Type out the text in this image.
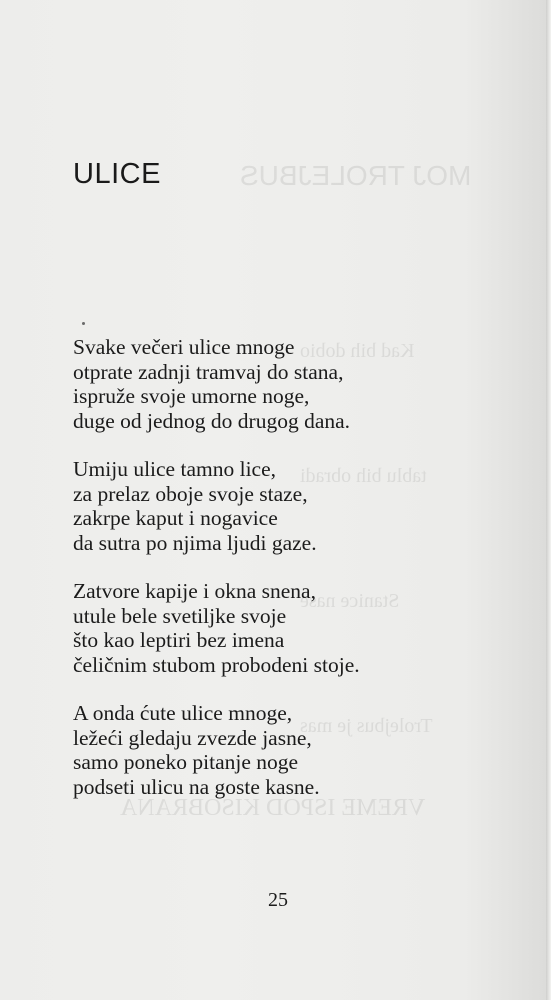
MOJ TROLEJBUS
Kad bih dobio
tablu bih obradi
Stanice nase
Trolejbus je mas
VREME ISPOD KISOBRANA
ULICE

Svake večeri ulice mnoge
otprate zadnji tramvaj do stana,
ispruže svoje umorne noge,
duge od jednog do drugog dana.

Umiju ulice tamno lice,
za prelaz oboje svoje staze,
zakrpe kaput i nogavice
da sutra po njima ljudi gaze.

Zatvore kapije i okna snena,
utule bele svetiljke svoje
što kao leptiri bez imena
čeličnim stubom probodeni stoje.

A onda ćute ulice mnoge,
ležeći gledaju zvezde jasne,
samo poneko pitanje noge
podseti ulicu na goste kasne.

25
